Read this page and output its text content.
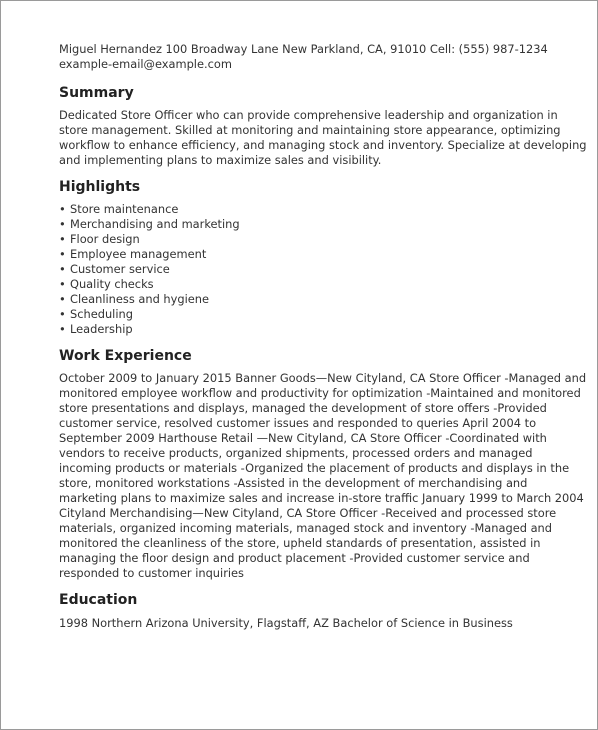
Miguel Hernandez 100 Broadway Lane New Parkland, CA, 91010 Cell: (555) 987-1234 example-email@example.com
Summary

Dedicated Store Officer who can provide comprehensive leadership and organization in store management. Skilled at monitoring and maintaining store appearance, optimizing workflow to enhance efficiency, and managing stock and inventory. Specialize at developing and implementing plans to maximize sales and visibility.

Highlights
• Store maintenance
• Merchandising and marketing
• Floor design
• Employee management
• Customer service
• Quality checks
• Cleanliness and hygiene
• Scheduling
• Leadership
Work Experience

October 2009 to January 2015 Banner Goods—New Cityland, CA Store Officer -Managed and monitored employee workflow and productivity for optimization -Maintained and monitored store presentations and displays, managed the development of store offers -Provided customer service, resolved customer issues and responded to queries April 2004 to September 2009 Harthouse Retail —New Cityland, CA Store Officer -Coordinated with vendors to receive products, organized shipments, processed orders and managed incoming products or materials -Organized the placement of products and displays in the store, monitored workstations -Assisted in the development of merchandising and marketing plans to maximize sales and increase in-store traffic January 1999 to March 2004 Cityland Merchandising—New Cityland, CA Store Officer -Received and processed store materials, organized incoming materials, managed stock and inventory -Managed and monitored the cleanliness of the store, upheld standards of presentation, assisted in managing the floor design and product placement -Provided customer service and responded to customer inquiries

Education

1998 Northern Arizona University, Flagstaff, AZ Bachelor of Science in Business
